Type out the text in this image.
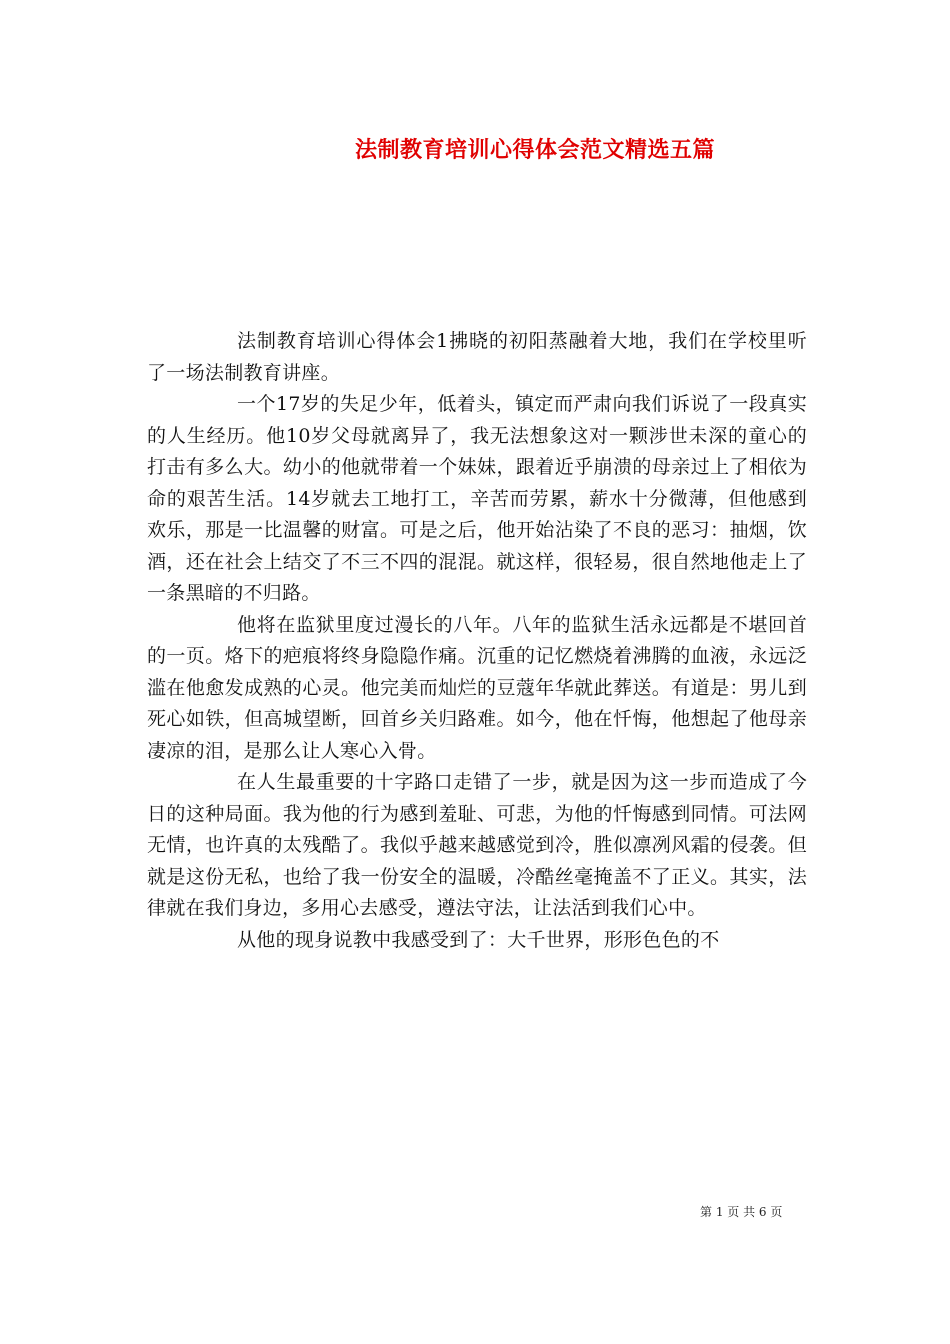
法制教育培训心得体会范文精选五篇

法制教育培训心得体会1拂晓的初阳蒸融着大地，我们在学校里听了一场法制教育讲座。

一个17岁的失足少年，低着头，镇定而严肃向我们诉说了一段真实的人生经历。他10岁父母就离异了，我无法想象这对一颗涉世未深的童心的打击有多么大。幼小的他就带着一个妹妹，跟着近乎崩溃的母亲过上了相依为命的艰苦生活。14岁就去工地打工，辛苦而劳累，薪水十分微薄，但他感到欢乐，那是一比温馨的财富。可是之后，他开始沾染了不良的恶习：抽烟，饮酒，还在社会上结交了不三不四的混混。就这样，很轻易，很自然地他走上了一条黑暗的不归路。

他将在监狱里度过漫长的八年。八年的监狱生活永远都是不堪回首的一页。烙下的疤痕将终身隐隐作痛。沉重的记忆燃烧着沸腾的血液，永远泛滥在他愈发成熟的心灵。他完美而灿烂的豆蔻年华就此葬送。有道是：男儿到死心如铁，但高城望断，回首乡关归路难。如今，他在忏悔，他想起了他母亲凄凉的泪，是那么让人寒心入骨。

在人生最重要的十字路口走错了一步，就是因为这一步而造成了今日的这种局面。我为他的行为感到羞耻、可悲，为他的忏悔感到同情。可法网无情，也许真的太残酷了。我似乎越来越感觉到冷，胜似凛冽风霜的侵袭。但就是这份无私，也给了我一份安全的温暖，冷酷丝毫掩盖不了正义。其实，法律就在我们身边，多用心去感受，遵法守法，让法活到我们心中。

从他的现身说教中我感受到了：大千世界，形形色色的不

第 1 页 共 6 页
